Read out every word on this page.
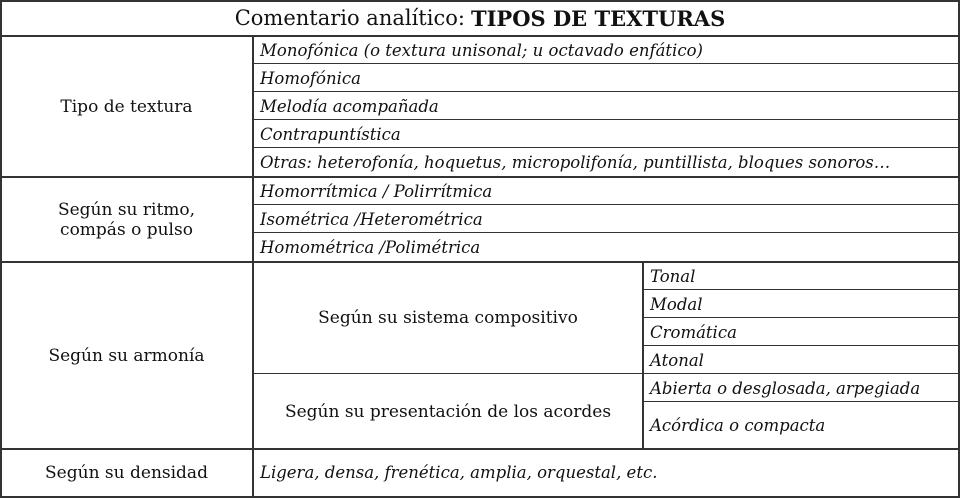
Comentario analítico: TIPOS DE TEXTURAS
Tipo de textura
Monofónica (o textura unisonal; u octavado enfático)
Homofónica
Melodía acompañada
Contrapuntística
Otras: heterofonía, hoquetus, micropolifonía, puntillista, bloques sonoros…
Según su ritmo,
compás o pulso
Homorrítmica / Polirrítmica
Isométrica /Heterométrica
Homométrica /Polimétrica
Según su armonía
Según su sistema compositivo
Tonal
Modal
Cromática
Atonal
Según su presentación de los acordes
Abierta o desglosada, arpegiada
Acórdica o compacta
Según su densidad	Ligera, densa, frenética, amplia, orquestal, etc.
